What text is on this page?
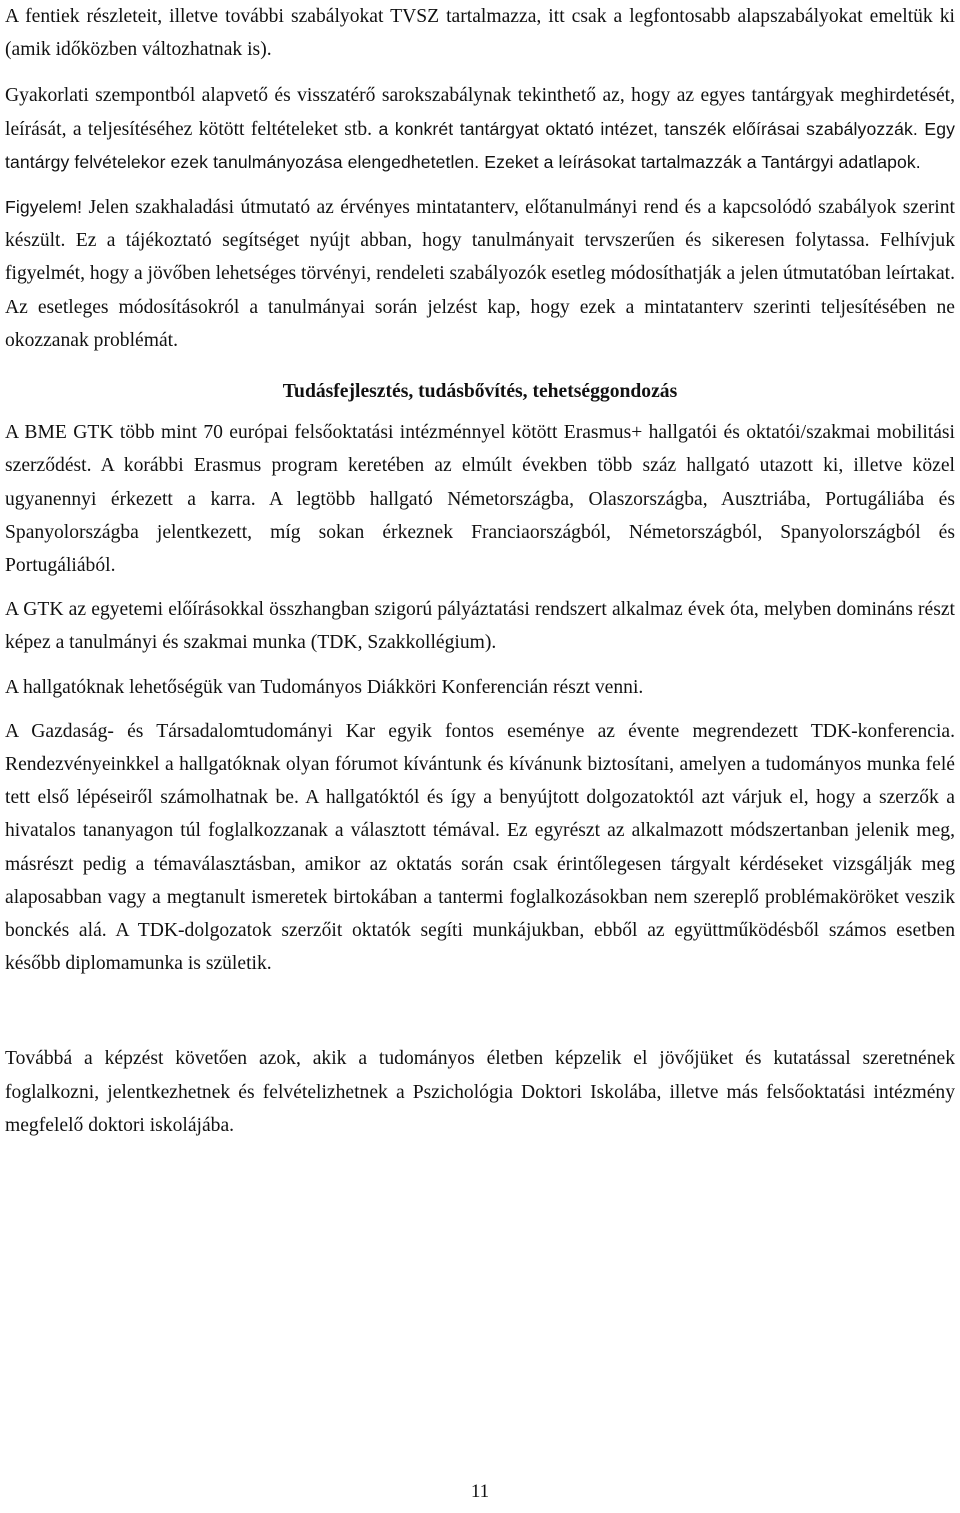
A fentiek részleteit, illetve további szabályokat TVSZ tartalmazza, itt csak a legfontosabb alapszabályokat emeltük ki (amik időközben változhatnak is).

Gyakorlati szempontból alapvető és visszatérő sarokszabálynak tekinthető az, hogy az egyes tantárgyak meghirdetését, leírását, a teljesítéséhez kötött feltételeket stb. a konkrét tantárgyat oktató intézet, tanszék előírásai szabályozzák. Egy tantárgy felvételekor ezek tanulmányozása elengedhetetlen. Ezeket a leírásokat tartalmazzák a Tantárgyi adatlapok.

Figyelem! Jelen szakhaladási útmutató az érvényes mintatanterv, előtanulmányi rend és a kapcsolódó szabályok szerint készült. Ez a tájékoztató segítséget nyújt abban, hogy tanulmányait tervszerűen és sikeresen folytassa. Felhívjuk figyelmét, hogy a jövőben lehetséges törvényi, rendeleti szabályozók esetleg módosíthatják a jelen útmutatóban leírtakat. Az esetleges módosításokról a tanulmányai során jelzést kap, hogy ezek a mintatanterv szerinti teljesítésében ne okozzanak problémát.

Tudásfejlesztés, tudásbővítés, tehetséggondozás

A BME GTK több mint 70 európai felsőoktatási intézménnyel kötött Erasmus+ hallgatói és oktatói/szakmai mobilitási szerződést. A korábbi Erasmus program keretében az elmúlt években több száz hallgató utazott ki, illetve közel ugyanennyi érkezett a karra. A legtöbb hallgató Németországba, Olaszországba, Ausztriába, Portugáliába és Spanyolországba jelentkezett, míg sokan érkeznek Franciaországból, Németországból, Spanyolországból és Portugáliából.

A GTK az egyetemi előírásokkal összhangban szigorú pályáztatási rendszert alkalmaz évek óta, melyben domináns részt képez a tanulmányi és szakmai munka (TDK, Szakkollégium).

A hallgatóknak lehetőségük van Tudományos Diákköri Konferencián részt venni.

A Gazdaság- és Társadalomtudományi Kar egyik fontos eseménye az évente megrendezett TDK-konferencia. Rendezvényeinkkel a hallgatóknak olyan fórumot kívántunk és kívánunk biztosítani, amelyen a tudományos munka felé tett első lépéseiről számolhatnak be. A hallgatóktól és így a benyújtott dolgozatoktól azt várjuk el, hogy a szerzők a hivatalos tananyagon túl foglalkozzanak a választott témával. Ez egyrészt az alkalmazott módszertanban jelenik meg, másrészt pedig a témaválasztásban, amikor az oktatás során csak érintőlegesen tárgyalt kérdéseket vizsgálják meg alaposabban vagy a megtanult ismeretek birtokában a tantermi foglalkozásokban nem szereplő problémaköröket veszik bonckés alá. A TDK-dolgozatok szerzőit oktatók segíti munkájukban, ebből az együttműködésből számos esetben később diplomamunka is születik.

Továbbá a képzést követően azok, akik a tudományos életben képzelik el jövőjüket és kutatással szeretnének foglalkozni, jelentkezhetnek és felvételizhetnek a Pszichológia Doktori Iskolába, illetve más felsőoktatási intézmény megfelelő doktori iskolájába.

11
